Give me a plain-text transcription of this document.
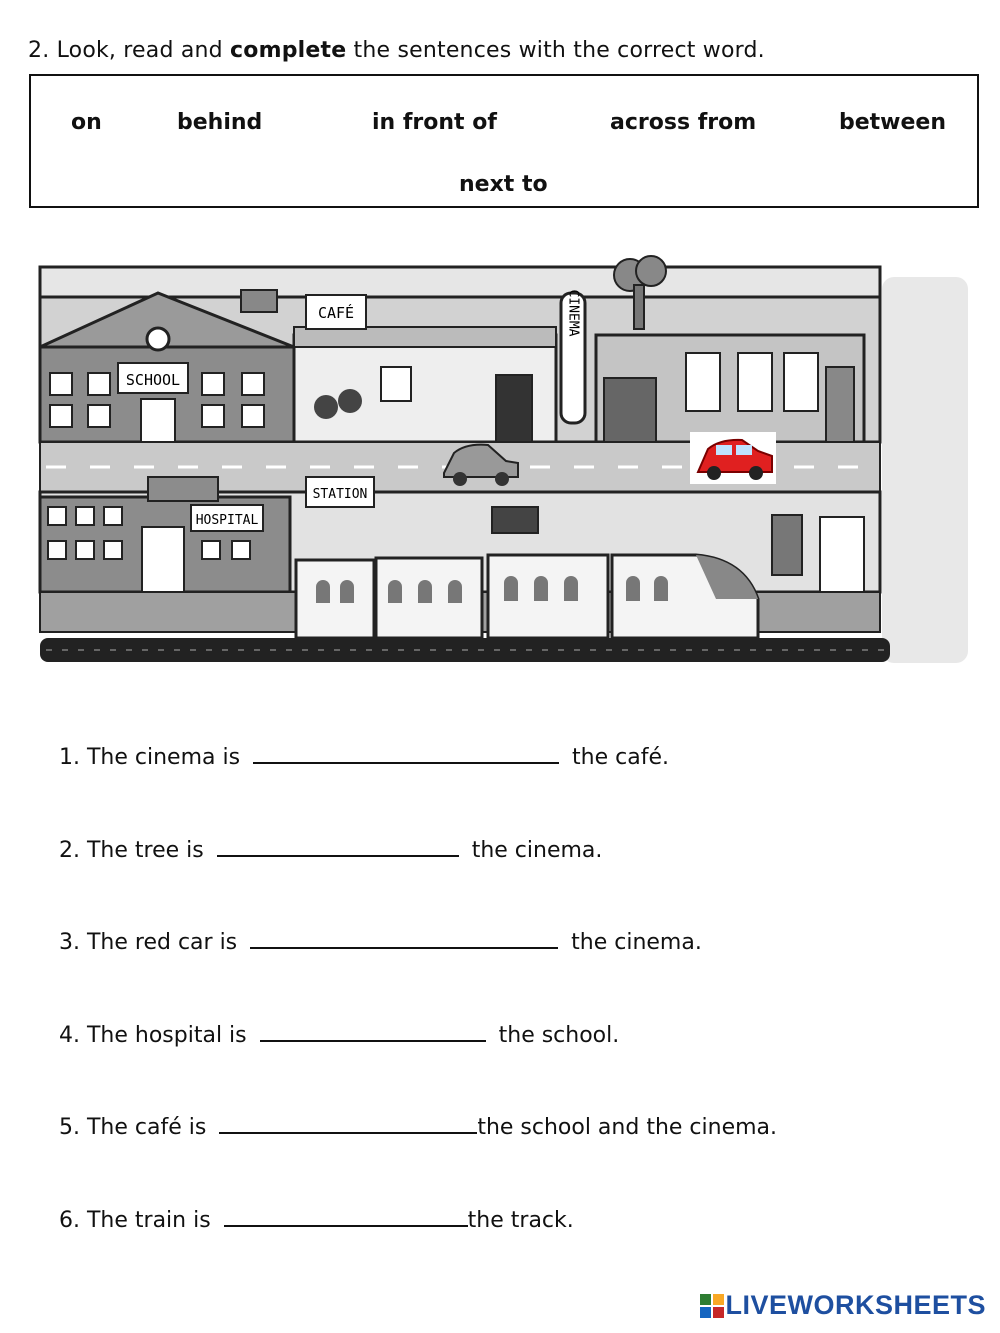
2. Look, read and complete the sentences with the correct word.
on	behind	in front of	across from	between
next to
SCHOOL
CAFÉ	CINEMA
STATION
HOSPITAL
1. The cinema is	the café.
2. The tree is	the cinema.
3. The red car is	the cinema.
4. The hospital is	the school.
5. The café is	the school and the cinema.
6. The train is	the track.
LIVEWORKSHEETS
